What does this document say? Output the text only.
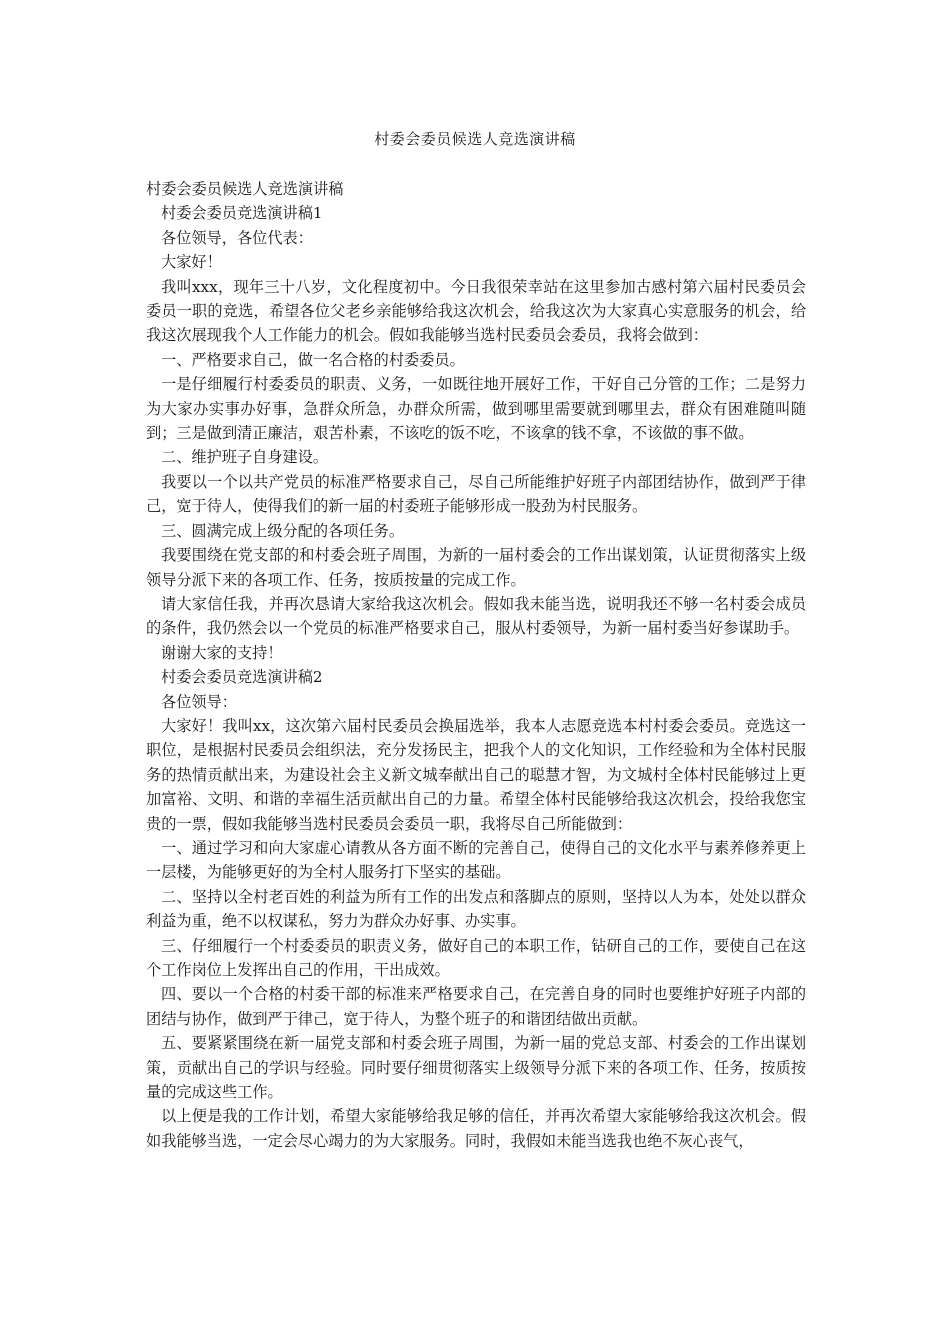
村委会委员候选人竞选演讲稿

村委会委员候选人竞选演讲稿

村委会委员竞选演讲稿1

各位领导，各位代表：

大家好！

我叫xxx，现年三十八岁，文化程度初中。今日我很荣幸站在这里参加古感村第六届村民委员会委员一职的竞选，希望各位父老乡亲能够给我这次机会，给我这次为大家真心实意服务的机会，给我这次展现我个人工作能力的机会。假如我能够当选村民委员会委员，我将会做到：

一、严格要求自己，做一名合格的村委委员。

一是仔细履行村委委员的职责、义务，一如既往地开展好工作，干好自己分管的工作；二是努力为大家办实事办好事，急群众所急，办群众所需，做到哪里需要就到哪里去，群众有困难随叫随到；三是做到清正廉洁，艰苦朴素，不该吃的饭不吃，不该拿的钱不拿，不该做的事不做。

二、维护班子自身建设。

我要以一个以共产党员的标准严格要求自己，尽自己所能维护好班子内部团结协作，做到严于律己，宽于待人，使得我们的新一届的村委班子能够形成一股劲为村民服务。

三、圆满完成上级分配的各项任务。

我要围绕在党支部的和村委会班子周围，为新的一届村委会的工作出谋划策，认证贯彻落实上级领导分派下来的各项工作、任务，按质按量的完成工作。

请大家信任我，并再次恳请大家给我这次机会。假如我未能当选，说明我还不够一名村委会成员的条件，我仍然会以一个党员的标准严格要求自己，服从村委领导，为新一届村委当好参谋助手。

谢谢大家的支持！

村委会委员竞选演讲稿2

各位领导：

大家好！我叫xx，这次第六届村民委员会换届选举，我本人志愿竞选本村村委会委员。竞选这一职位，是根据村民委员会组织法，充分发扬民主，把我个人的文化知识，工作经验和为全体村民服务的热情贡献出来，为建设社会主义新文城奉献出自己的聪慧才智，为文城村全体村民能够过上更加富裕、文明、和谐的幸福生活贡献出自己的力量。希望全体村民能够给我这次机会，投给我您宝贵的一票，假如我能够当选村民委员会委员一职，我将尽自己所能做到：

一、通过学习和向大家虚心请教从各方面不断的完善自己，使得自己的文化水平与素养修养更上一层楼，为能够更好的为全村人服务打下坚实的基础。

二、坚持以全村老百姓的利益为所有工作的出发点和落脚点的原则，坚持以人为本，处处以群众利益为重，绝不以权谋私，努力为群众办好事、办实事。

三、仔细履行一个村委委员的职责义务，做好自己的本职工作，钻研自己的工作，要使自己在这个工作岗位上发挥出自己的作用，干出成效。

四、要以一个合格的村委干部的标准来严格要求自己，在完善自身的同时也要维护好班子内部的团结与协作，做到严于律己，宽于待人，为整个班子的和谐团结做出贡献。

五、要紧紧围绕在新一届党支部和村委会班子周围，为新一届的党总支部、村委会的工作出谋划策，贡献出自己的学识与经验。同时要仔细贯彻落实上级领导分派下来的各项工作、任务，按质按量的完成这些工作。

以上便是我的工作计划，希望大家能够给我足够的信任，并再次希望大家能够给我这次机会。假如我能够当选，一定会尽心竭力的为大家服务。同时，我假如未能当选我也绝不灰心丧气，
